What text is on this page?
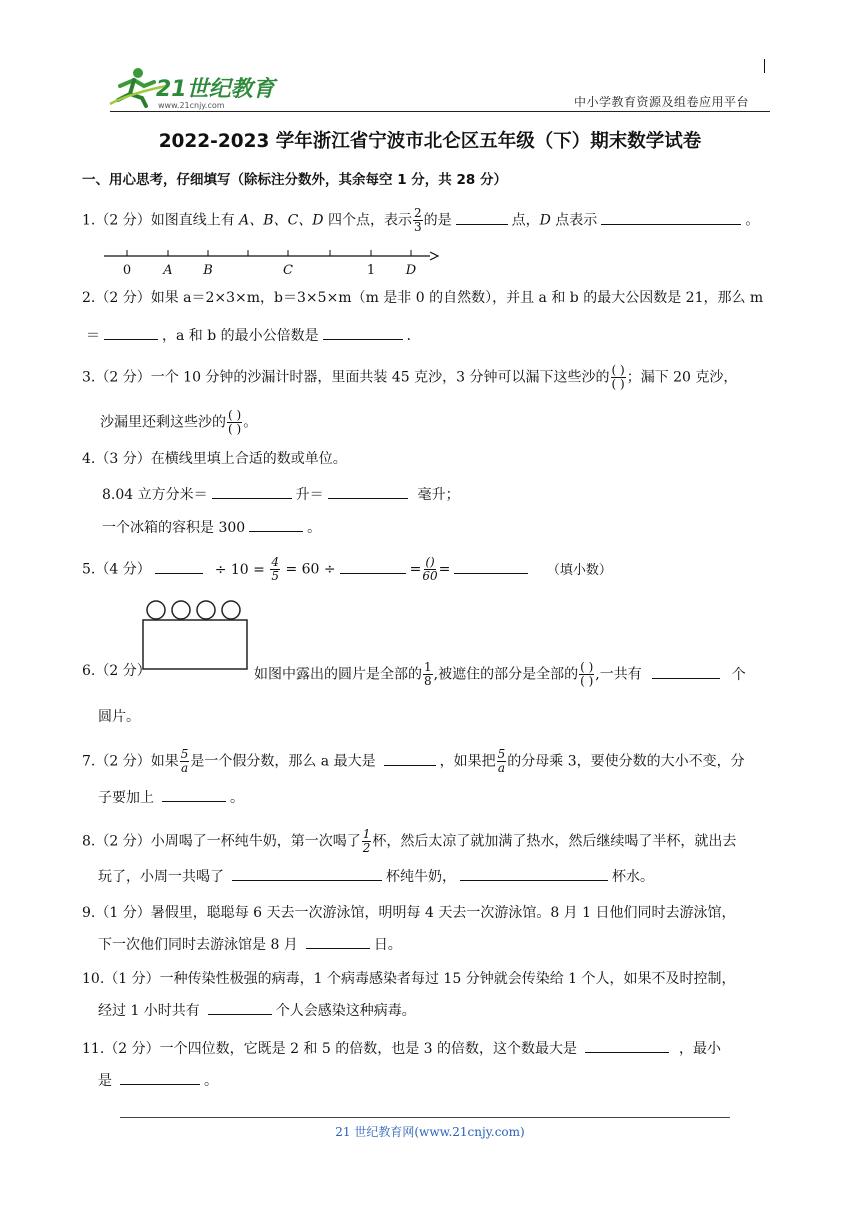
21世纪教育
www.21cnjy.com	中小学教育资源及组卷应用平台
2022-2023 学年浙江省宁波市北仑区五年级（下）期末数学试卷
一、用心思考，仔细填写（除标注分数外，其余每空 1 分，共 28 分）
1.（2 分）如图直线上有 A、B、C、D 四个点，表示 $\frac{2}{3}$ 的是	点，D 点表示	。
0 A B	C	1 D
2.（2 分）如果 a＝2×3×m，b＝3×5×m（m 是非 0 的自然数），并且 a 和 b 的最大公因数是 21，那么 m
＝	，a 和 b 的最小公倍数是	．
3.（2 分）一个 10 分钟的沙漏计时器，里面共装 45 克沙，3 分钟可以漏下这些沙的 $\frac{( )}{( )}$ ；漏下 20 克沙，
沙漏里还剩这些沙的 $\frac{( )}{( )}$ 。
4.（3 分）在横线里填上合适的数或单位。
8.04 立方分米＝	升＝	毫升；
一个冰箱的容积是 300	。
5.（4 分）	÷ $10 = \frac{4}{5} = 60$ ÷	= $\frac{()}{60}$ =	（填小数）
6.（2 分）	如图中露出的圆片是全部的 $\frac{1}{8}$ ,被遮住的部分是全部的 $\frac{( )}{( )}$ ,一共有	个
圆片。
7.（2 分）如果 $\frac{5}{a}$ 是一个假分数，那么 a 最大是	，如果把 $\frac{5}{a}$ 的分母乘 3，要使分数的大小不变，分
子要加上	。
8.（2 分）小周喝了一杯纯牛奶，第一次喝了 $\frac{1}{2}$ 杯，然后太凉了就加满了热水，然后继续喝了半杯，就出去
玩了，小周一共喝了	杯纯牛奶，	杯水。
9.（1 分）暑假里，聪聪每 6 天去一次游泳馆，明明每 4 天去一次游泳馆。8 月 1 日他们同时去游泳馆，
下一次他们同时去游泳馆是 8 月	日。
10.（1 分）一种传染性极强的病毒，1 个病毒感染者每过 15 分钟就会传染给 1 个人，如果不及时控制，
经过 1 小时共有	个人会感染这种病毒。
11.（2 分）一个四位数，它既是 2 和 5 的倍数，也是 3 的倍数，这个数最大是	，最小
是	。
21 世纪教育网(www.21cnjy.com)
